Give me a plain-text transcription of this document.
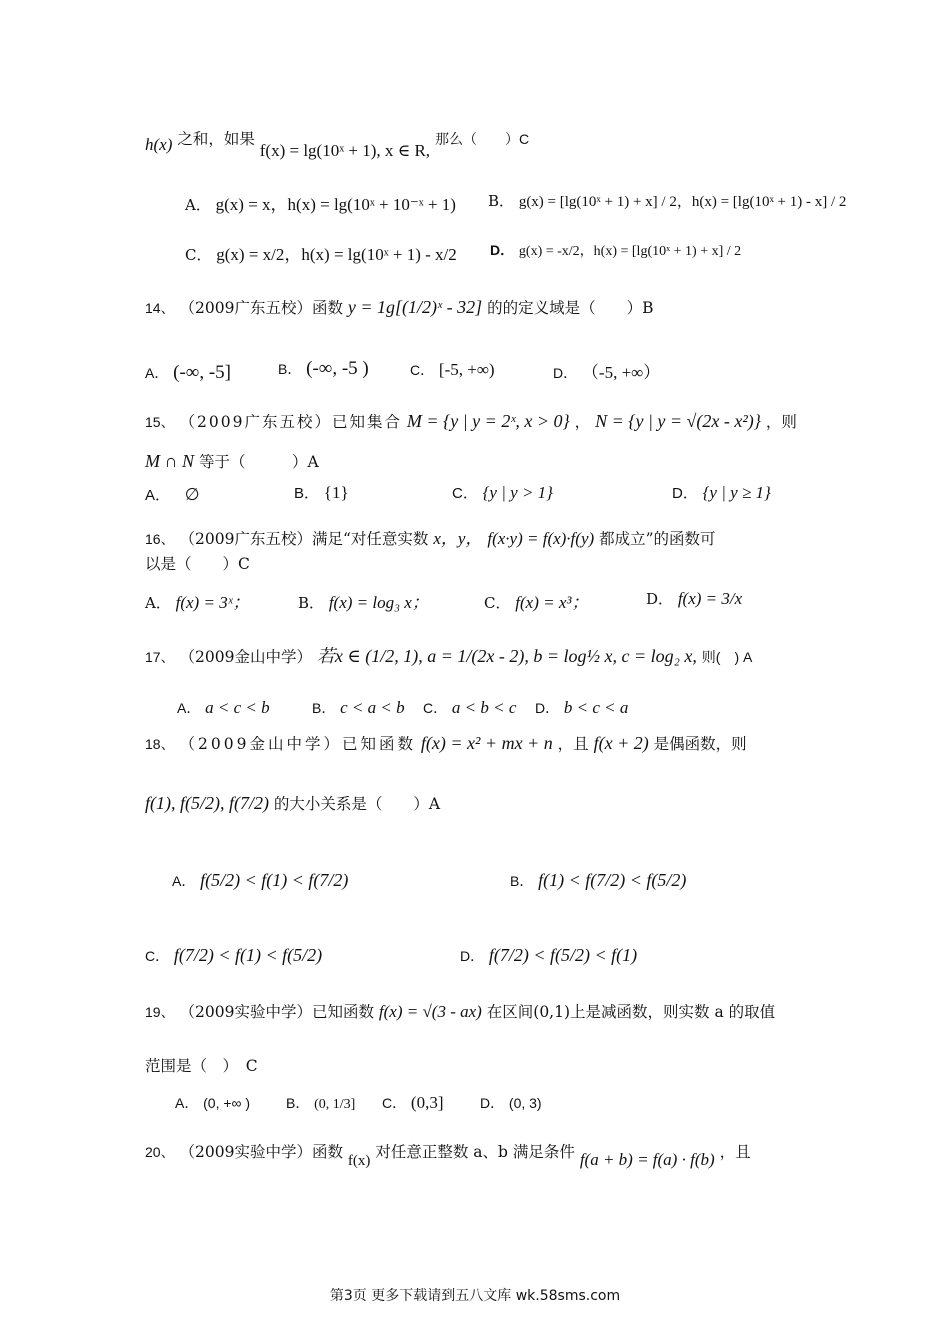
h(x) 之和，如果 f(x) = lg(10ˣ + 1), x ∈ R, 那么（　　）C
A． g(x) = x，h(x) = lg(10ˣ + 10⁻ˣ + 1) B． g(x) = [lg(10ˣ + 1) + x] / 2，h(x) = [lg(10ˣ + 1) - x] / 2
C． g(x) = x/2，h(x) = lg(10ˣ + 1) - x/2 D． g(x) = -x/2，h(x) = [lg(10ˣ + 1) + x] / 2
14、 （2009广东五校）函数 y = 1g[(1/2)ˣ - 32] 的的定义域是（　　）B
A． (-∞, -5]	B． (-∞, -5 )	C． [-5, +∞)	D． （-5, +∞）
15、 （2009广东五校）已知集合 M = {y | y = 2ˣ, x > 0} ， N = {y | y = √(2x - x²)} ，则
M ∩ N 等于（　　　）A
A． ∅	B． {1}	C． {y | y > 1}	D． {y | y ≥ 1}
16、 （2009广东五校）满足“对任意实数 x，y， f(x·y) = f(x)·f(y) 都成立”的函数可
以是（　　）C
A． f(x) = 3ˣ；	B． f(x) = log₃ x；	C． f(x) = x³；	D． f(x) = 3/x
17、 （2009金山中学） 若x ∈ (1/2, 1), a = 1/(2x - 2), b = log½ x, c = log₂ x, 则(　) A
A． a < c < b	B． c < a < b C． a < b < c D． b < c < a
18、 （2009金山中学）已知函数 f(x) = x² + mx + n ，且 f(x + 2) 是偶函数，则
f(1), f(5/2), f(7/2) 的大小关系是（　　）A
A． f(5/2) < f(1) < f(7/2)	B． f(1) < f(7/2) < f(5/2)
C． f(7/2) < f(1) < f(5/2)	D． f(7/2) < f(5/2) < f(1)
19、 （2009实验中学）已知函数 f(x) = √(3 - ax) 在区间(0,1)上是减函数，则实数 a 的取值
范围是（　）　C
A． (0, +∞ )	B． (0, 1/3] C． (0,3]	D． (0, 3)
20、 （2009实验中学）函数 f(x) 对任意正整数 a、b 满足条件 f(a + b) = f(a) · f(b) ，且
第3页 更多下载请到五八文库 wk.58sms.com
